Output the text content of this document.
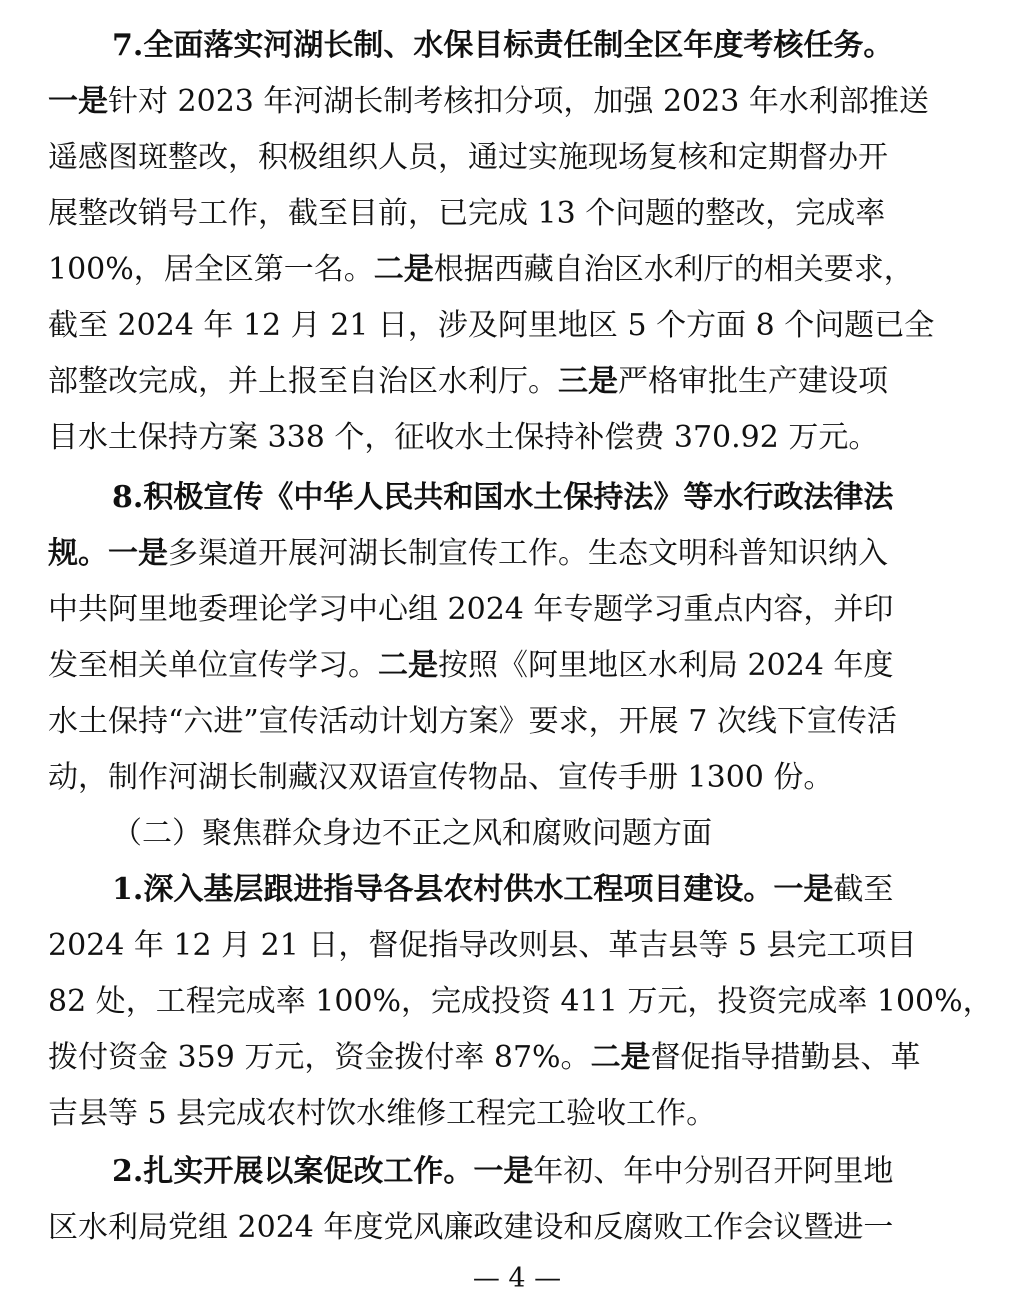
7.全面落实河湖长制、水保目标责任制全区年度考核任务。
一是针对 2023 年河湖长制考核扣分项，加强 2023 年水利部推送
遥感图斑整改，积极组织人员，通过实施现场复核和定期督办开
展整改销号工作，截至目前，已完成 13 个问题的整改，完成率
100%，居全区第一名。二是根据西藏自治区水利厅的相关要求，
截至 2024 年 12 月 21 日，涉及阿里地区 5 个方面 8 个问题已全
部整改完成，并上报至自治区水利厅。三是严格审批生产建设项
目水土保持方案 338 个，征收水土保持补偿费 370.92 万元。
8.积极宣传《中华人民共和国水土保持法》等水行政法律法
规。一是多渠道开展河湖长制宣传工作。生态文明科普知识纳入
中共阿里地委理论学习中心组 2024 年专题学习重点内容，并印
发至相关单位宣传学习。二是按照《阿里地区水利局 2024 年度
水土保持“六进”宣传活动计划方案》要求，开展 7 次线下宣传活
动，制作河湖长制藏汉双语宣传物品、宣传手册 1300 份。
（二）聚焦群众身边不正之风和腐败问题方面
1.深入基层跟进指导各县农村供水工程项目建设。一是截至
2024 年 12 月 21 日，督促指导改则县、革吉县等 5 县完工项目
82 处，工程完成率 100%，完成投资 411 万元，投资完成率 100%，
拨付资金 359 万元，资金拨付率 87%。二是督促指导措勤县、革
吉县等 5 县完成农村饮水维修工程完工验收工作。
2.扎实开展以案促改工作。一是年初、年中分别召开阿里地
区水利局党组 2024 年度党风廉政建设和反腐败工作会议暨进一
— 4 —
